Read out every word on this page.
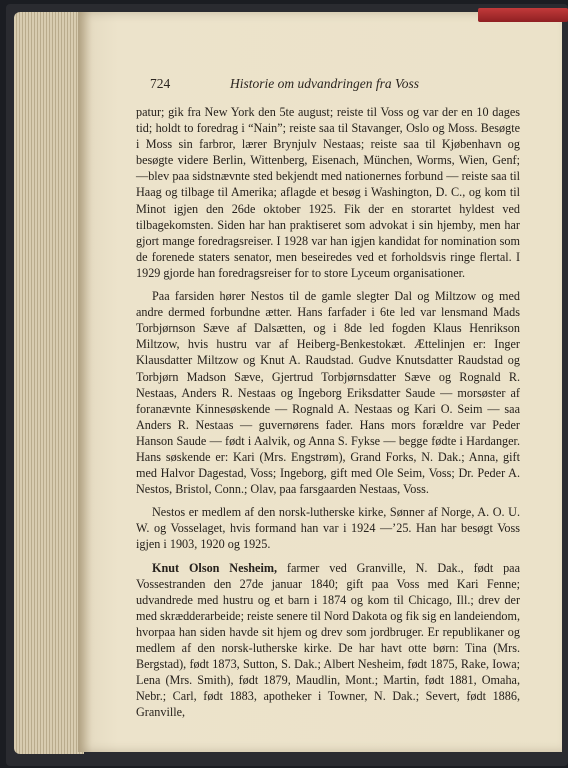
724	Historie om udvandringen fra Voss

patur; gik fra New York den 5te august; reiste til Voss og var der en 10 dages tid; holdt to foredrag i “Nain”; reiste saa til Stavanger, Oslo og Moss. Besøgte i Moss sin farbror, lærer Brynjulv Nestaas; reiste saa til Kjøbenhavn og besøgte videre Berlin, Wittenberg, Eisenach, München, Worms, Wien, Genf; —blev paa sidstnævnte sted bekjendt med nationernes forbund — reiste saa til Haag og tilbage til Amerika; aflagde et besøg i Washington, D. C., og kom til Minot igjen den 26de oktober 1925. Fik der en storartet hyldest ved tilbagekomsten. Siden har han praktiseret som advokat i sin hjemby, men har gjort mange foredragsreiser. I 1928 var han igjen kandidat for nomination som de forenede staters senator, men beseiredes ved et forholdsvis ringe flertal. I 1929 gjorde han foredragsreiser for to store Lyceum organisationer.

Paa farsiden hører Nestos til de gamle slegter Dal og Miltzow og med andre dermed forbundne ætter. Hans farfader i 6te led var lensmand Mads Torbjørnson Sæve af Dalsætten, og i 8de led fogden Klaus Henrikson Miltzow, hvis hustru var af Heiberg-Benkestokæt. Ættelinjen er: Inger Klausdatter Miltzow og Knut A. Raudstad. Gudve Knutsdatter Raudstad og Torbjørn Madson Sæve, Gjertrud Torbjørnsdatter Sæve og Rognald R. Nestaas, Anders R. Nestaas og Ingeborg Eriksdatter Saude — morsøster af foranævnte Kinnesøskende — Rognald A. Nestaas og Kari O. Seim — saa Anders R. Nestaas — guvernørens fader. Hans mors forældre var Peder Hanson Saude — født i Aalvik, og Anna S. Fykse — begge fødte i Hardanger. Hans søskende er: Kari (Mrs. Engstrøm), Grand Forks, N. Dak.; Anna, gift med Halvor Dagestad, Voss; Ingeborg, gift med Ole Seim, Voss; Dr. Peder A. Nestos, Bristol, Conn.; Olav, paa farsgaarden Nestaas, Voss.

Nestos er medlem af den norsk-lutherske kirke, Sønner af Norge, A. O. U. W. og Vosselaget, hvis formand han var i 1924 —’25. Han har besøgt Voss igjen i 1903, 1920 og 1925.

Knut Olson Nesheim, farmer ved Granville, N. Dak., født paa Vossestranden den 27de januar 1840; gift paa Voss med Kari Fenne; udvandrede med hustru og et barn i 1874 og kom til Chicago, Ill.; drev der med skrædderarbeide; reiste senere til Nord Dakota og fik sig en landeiendom, hvorpaa han siden havde sit hjem og drev som jordbruger. Er republikaner og medlem af den norsk-lutherske kirke. De har havt otte børn: Tina (Mrs. Bergstad), født 1873, Sutton, S. Dak.; Albert Nesheim, født 1875, Rake, Iowa; Lena (Mrs. Smith), født 1879, Maudlin, Mont.; Martin, født 1881, Omaha, Nebr.; Carl, født 1883, apotheker i Towner, N. Dak.; Severt, født 1886, Granville,
